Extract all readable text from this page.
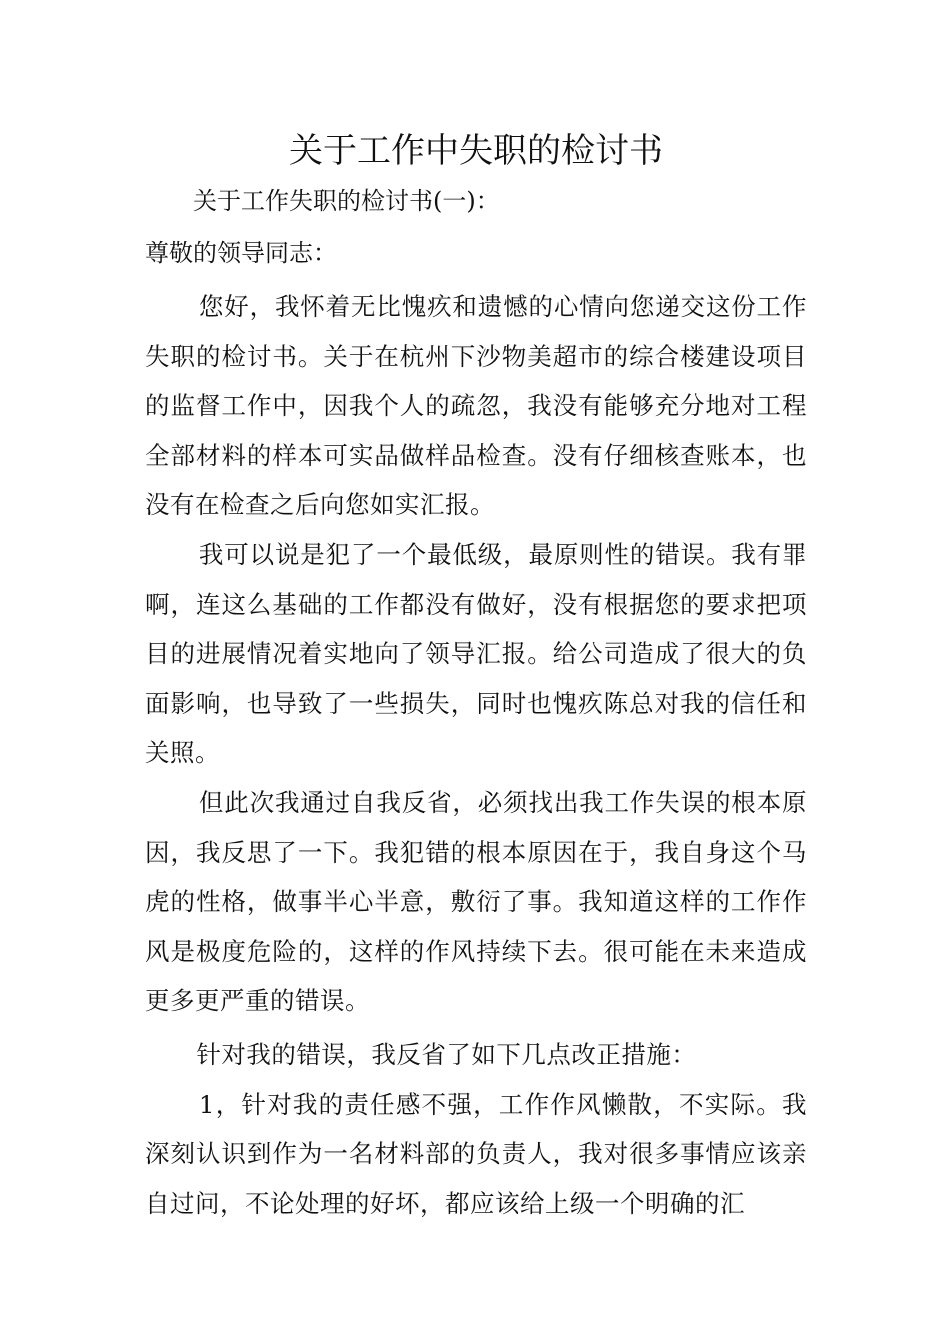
关于工作中失职的检讨书

关于工作失职的检讨书(一)：

尊敬的领导同志：

您好，我怀着无比愧疚和遗憾的心情向您递交这份工作失职的检讨书。关于在杭州下沙物美超市的综合楼建设项目的监督工作中，因我个人的疏忽，我没有能够充分地对工程全部材料的样本可实品做样品检查。没有仔细核查账本，也没有在检查之后向您如实汇报。

我可以说是犯了一个最低级，最原则性的错误。我有罪啊，连这么基础的工作都没有做好，没有根据您的要求把项目的进展情况着实地向了领导汇报。给公司造成了很大的负面影响，也导致了一些损失，同时也愧疚陈总对我的信任和关照。

但此次我通过自我反省，必须找出我工作失误的根本原因，我反思了一下。我犯错的根本原因在于，我自身这个马虎的性格，做事半心半意，敷衍了事。我知道这样的工作作风是极度危险的，这样的作风持续下去。很可能在未来造成更多更严重的错误。

针对我的错误，我反省了如下几点改正措施：

1，针对我的责任感不强，工作作风懒散，不实际。我深刻认识到作为一名材料部的负责人，我对很多事情应该亲自过问，不论处理的好坏，都应该给上级一个明确的汇
